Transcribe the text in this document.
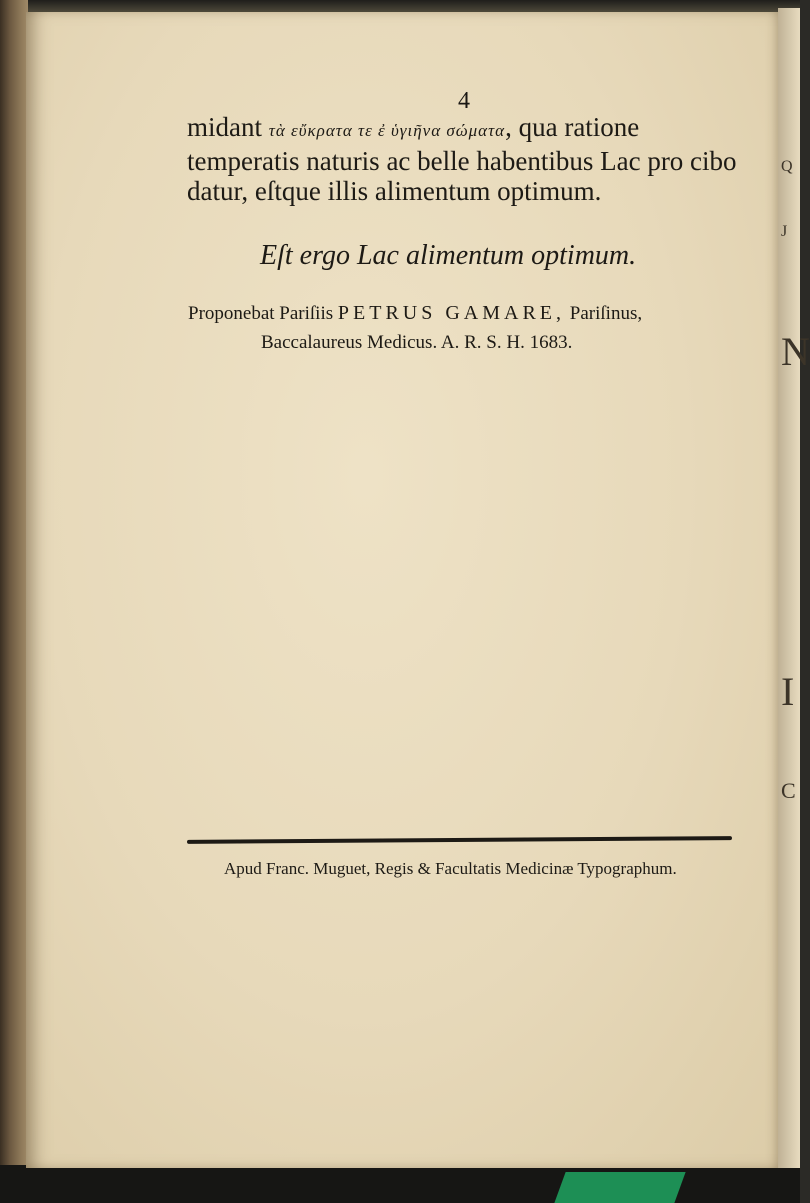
Q
J
N
I
C
4
midant τὰ εὔκρατα τε ἐ ὑγιῆνα σώματα, qua ratione
temperatis naturis ac belle habentibus Lac pro cibo
datur, eſtque illis alimentum optimum.
Eſt ergo Lac alimentum optimum.
Proponebat Pariſiis PETRUS GAMARE, Pariſinus,
Baccalaureus Medicus. A. R. S. H. 1683.
Apud Franc. Muguet, Regis & Facultatis Medicinæ Typographum.
